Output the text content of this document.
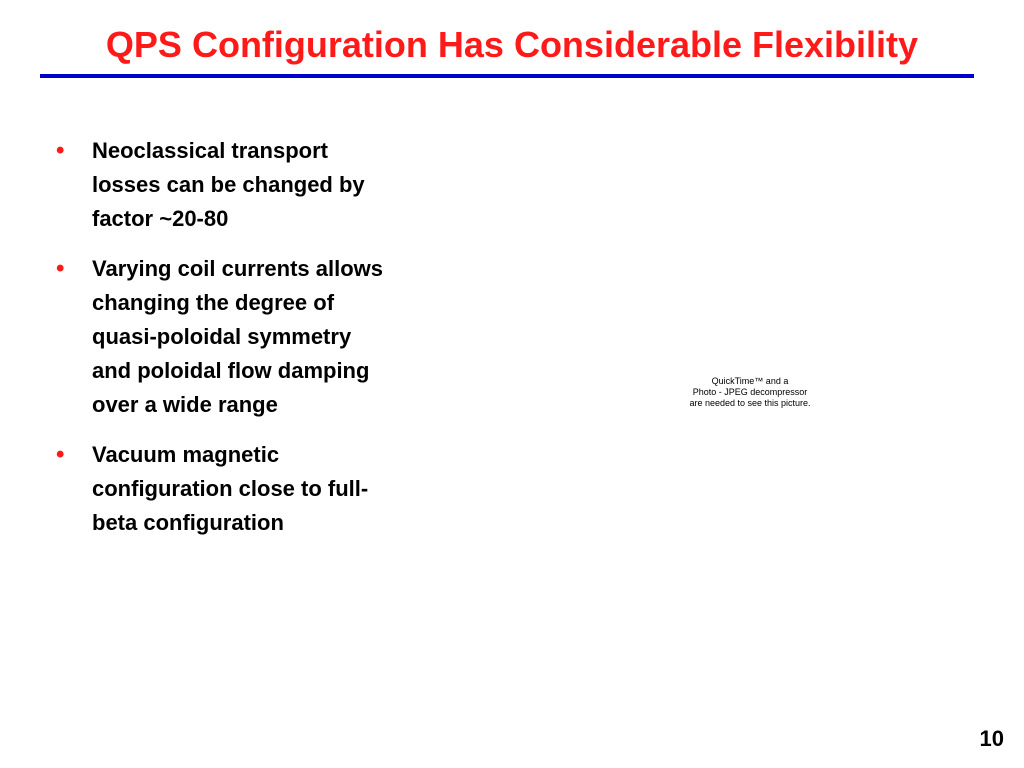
QPS Configuration Has Considerable Flexibility
•	Neoclassical transport
losses can be changed by
factor ~20-80
•	Varying coil currents allows
changing the degree of
quasi-poloidal symmetry
and poloidal flow damping
over a wide range
•	Vacuum magnetic
configuration close to full-
beta configuration
QuickTime™ and a
Photo - JPEG decompressor
are needed to see this picture.
10
